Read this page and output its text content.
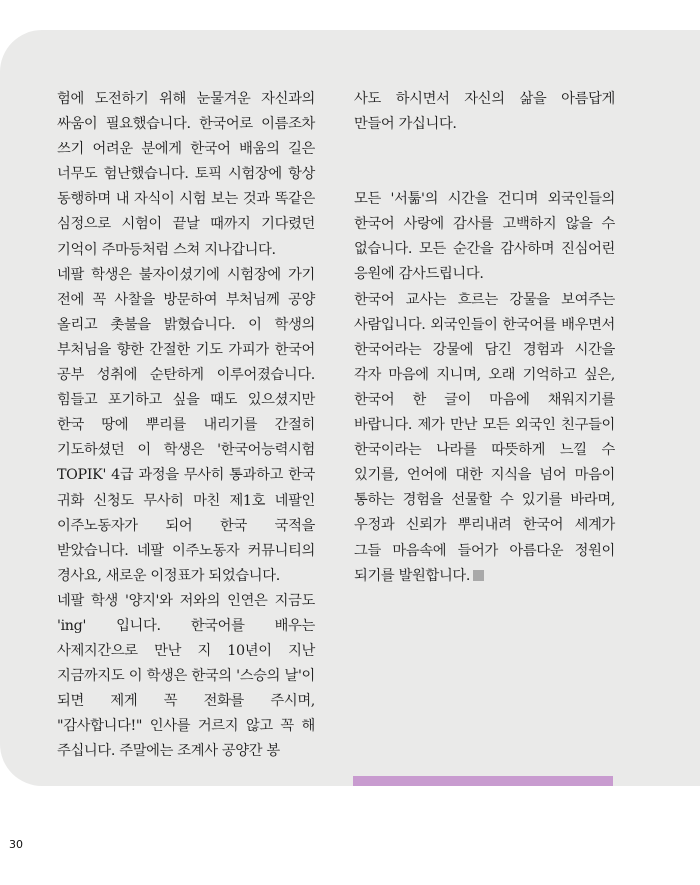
험에 도전하기 위해 눈물겨운 자신과의 싸움이 필요했습니다. 한국어로 이름조차 쓰기 어려운 분에게 한국어 배움의 길은 너무도 험난했습니다. 토픽 시험장에 항상 동행하며 내 자식이 시험 보는 것과 똑같은 심정으로 시험이 끝날 때까지 기다렸던 기억이 주마등처럼 스쳐 지나갑니다.

네팔 학생은 불자이셨기에 시험장에 가기 전에 꼭 사찰을 방문하여 부처님께 공양 올리고 촛불을 밝혔습니다. 이 학생의 부처님을 향한 간절한 기도 가피가 한국어 공부 성취에 순탄하게 이루어졌습니다. 힘들고 포기하고 싶을 때도 있으셨지만 한국 땅에 뿌리를 내리기를 간절히 기도하셨던 이 학생은 '한국어능력시험 TOPIK' 4급 과정을 무사히 통과하고 한국 귀화 신청도 무사히 마친 제1호 네팔인 이주노동자가 되어 한국 국적을 받았습니다. 네팔 이주노동자 커뮤니티의 경사요, 새로운 이정표가 되었습니다.

네팔 학생 '양지'와 저와의 인연은 지금도 'ing' 입니다. 한국어를 배우는 사제지간으로 만난 지 10년이 지난 지금까지도 이 학생은 한국의 '스승의 날'이 되면 제게 꼭 전화를 주시며, "감사합니다!" 인사를 거르지 않고 꼭 해 주십니다. 주말에는 조계사 공양간 봉

사도 하시면서 자신의 삶을 아름답게 만들어 가십니다.

모든 '서툶'의 시간을 건디며 외국인들의 한국어 사랑에 감사를 고백하지 않을 수 없습니다. 모든 순간을 감사하며 진심어린 응원에 감사드립니다.

한국어 교사는 흐르는 강물을 보여주는 사람입니다. 외국인들이 한국어를 배우면서 한국어라는 강물에 담긴 경험과 시간을 각자 마음에 지니며, 오래 기억하고 싶은, 한국어 한 글이 마음에 채워지기를 바랍니다. 제가 만난 모든 외국인 친구들이 한국이라는 나라를 따뜻하게 느낄 수 있기를, 언어에 대한 지식을 넘어 마음이 통하는 경험을 선물할 수 있기를 바라며, 우정과 신뢰가 뿌리내려 한국어 세계가 그들 마음속에 들어가 아름다운 정원이 되기를 발원합니다.

30
